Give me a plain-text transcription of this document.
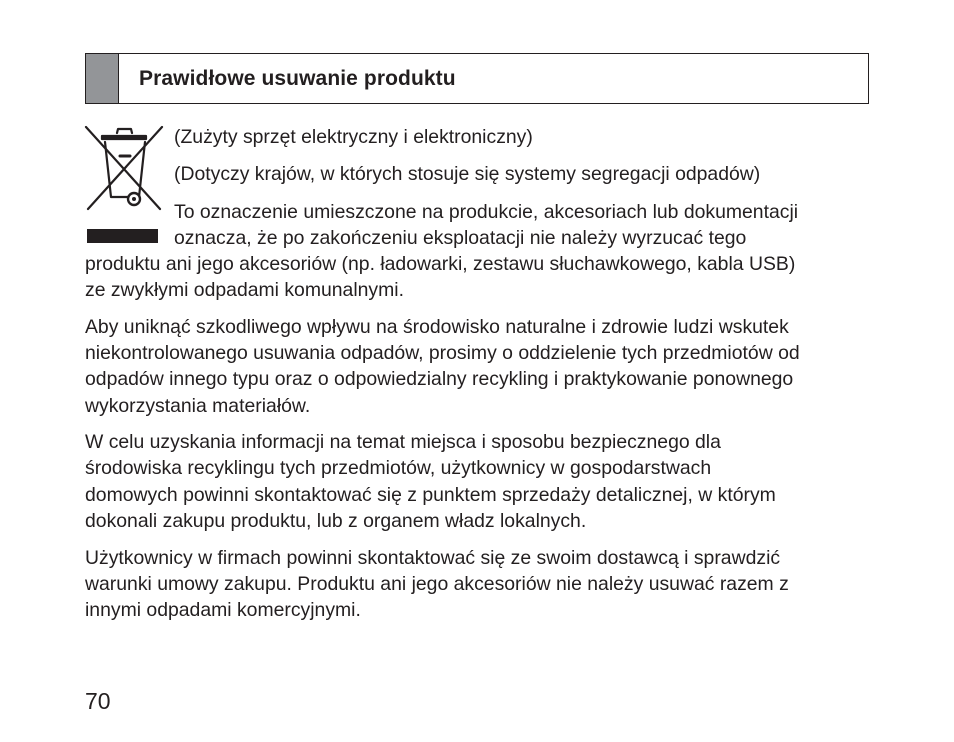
Prawidłowe usuwanie produktu
(Zużyty sprzęt elektryczny i elektroniczny)
(Dotyczy krajów, w których stosuje się systemy segregacji odpadów)
To oznaczenie umieszczone na produkcie, akcesoriach lub dokumentacji
oznacza, że po zakończeniu eksploatacji nie należy wyrzucać tego
produktu ani jego akcesoriów (np. ładowarki, zestawu słuchawkowego, kabla USB)
ze zwykłymi odpadami komunalnymi.
Aby uniknąć szkodliwego wpływu na środowisko naturalne i zdrowie ludzi wskutek
niekontrolowanego usuwania odpadów, prosimy o oddzielenie tych przedmiotów od
odpadów innego typu oraz o odpowiedzialny recykling i praktykowanie ponownego
wykorzystania materiałów.
W celu uzyskania informacji na temat miejsca i sposobu bezpiecznego dla
środowiska recyklingu tych przedmiotów, użytkownicy w gospodarstwach
domowych powinni skontaktować się z punktem sprzedaży detalicznej, w którym
dokonali zakupu produktu, lub z organem władz lokalnych.
Użytkownicy w firmach powinni skontaktować się ze swoim dostawcą i sprawdzić
warunki umowy zakupu. Produktu ani jego akcesoriów nie należy usuwać razem z
innymi odpadami komercyjnymi.
70
